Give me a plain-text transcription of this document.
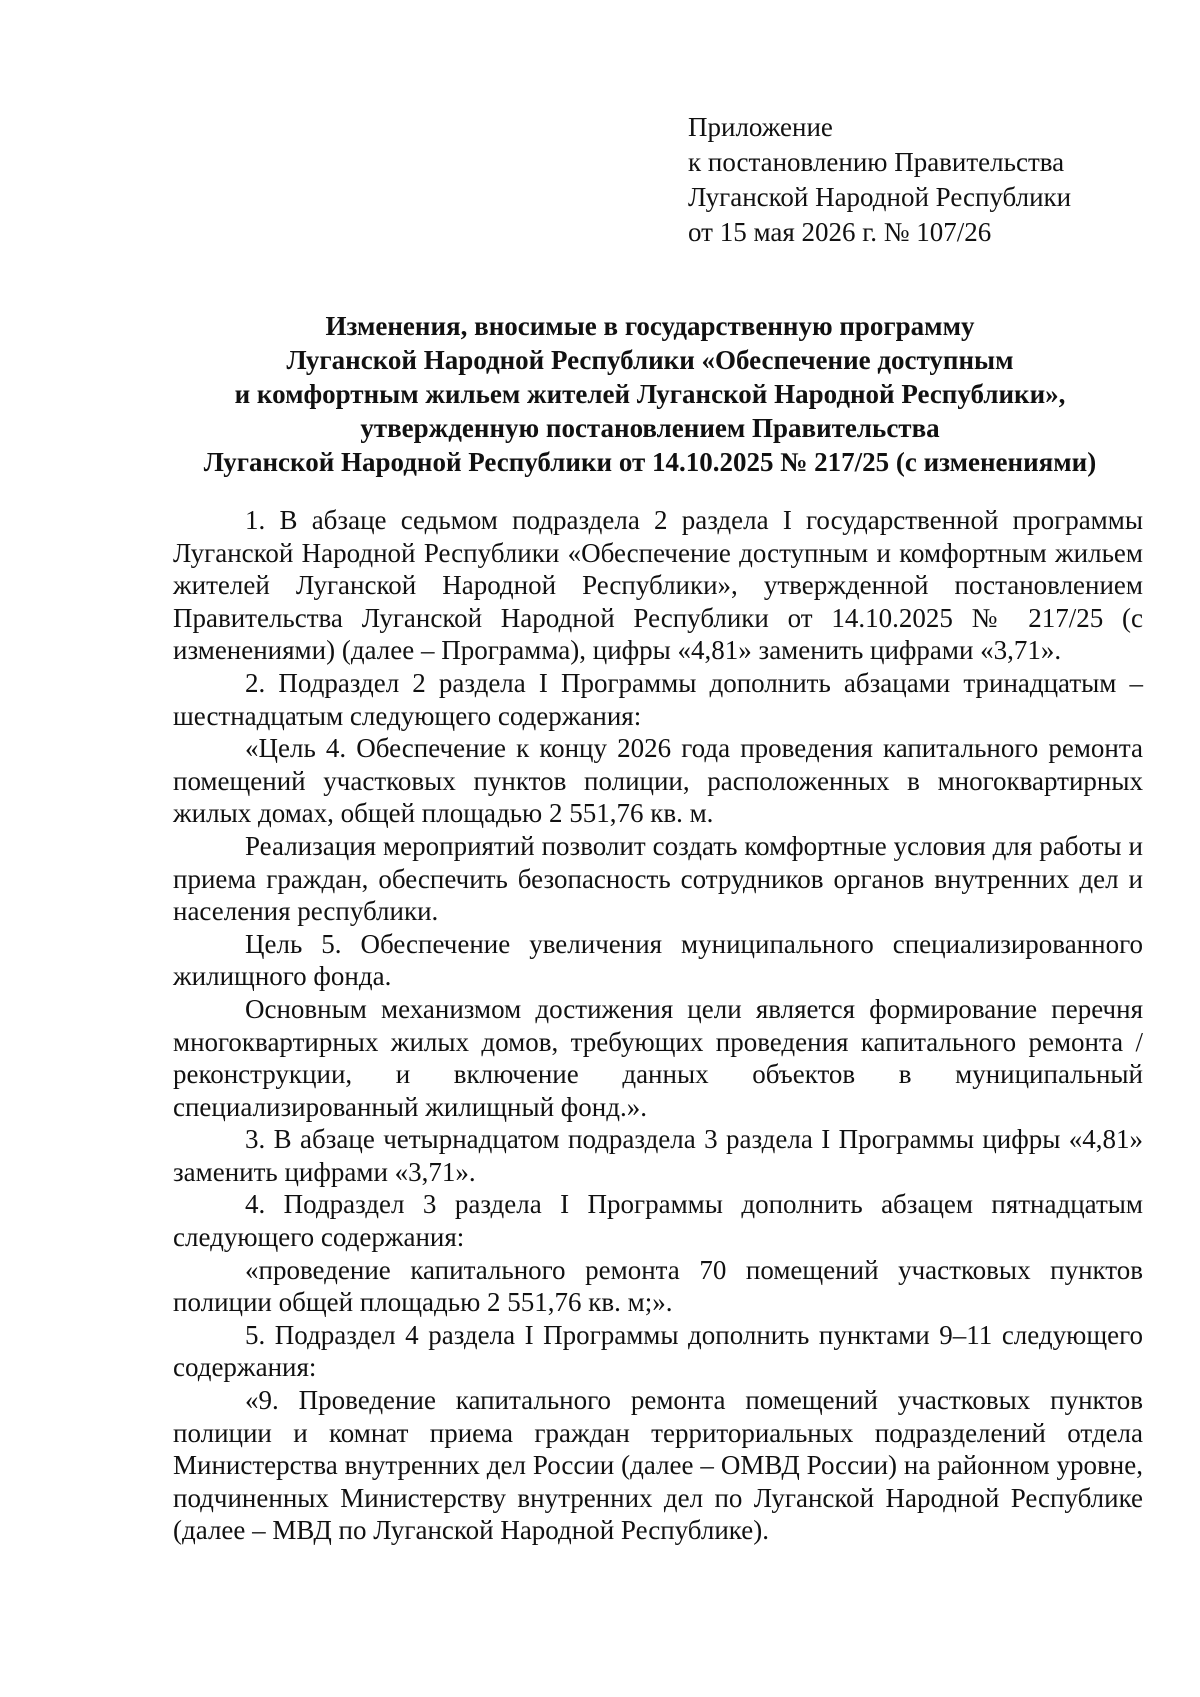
Приложение
к постановлению Правительства
Луганской Народной Республики
от 15 мая 2026 г. № 107/26
Изменения, вносимые в государственную программу
Луганской Народной Республики «Обеспечение доступным
и комфортным жильем жителей Луганской Народной Республики»,
утвержденную постановлением Правительства
Луганской Народной Республики от 14.10.2025 № 217/25 (с изменениями)

1. В абзаце седьмом подраздела 2 раздела I государственной программы Луганской Народной Республики «Обеспечение доступным и комфортным жильем жителей Луганской Народной Республики», утвержденной постановлением Правительства Луганской Народной Республики от 14.10.2025 № 217/25 (с изменениями) (далее – Программа), цифры «4,81» заменить цифрами «3,71».

2. Подраздел 2 раздела I Программы дополнить абзацами тринадцатым – шестнадцатым следующего содержания:

«Цель 4. Обеспечение к концу 2026 года проведения капитального ремонта помещений участковых пунктов полиции, расположенных в многоквартирных жилых домах, общей площадью 2 551,76 кв. м.

Реализация мероприятий позволит создать комфортные условия для работы и приема граждан, обеспечить безопасность сотрудников органов внутренних дел и населения республики.

Цель 5. Обеспечение увеличения муниципального специализированного жилищного фонда.

Основным механизмом достижения цели является формирование перечня многоквартирных жилых домов, требующих проведения капитального ремонта / реконструкции, и включение данных объектов в муниципальный специализированный жилищный фонд.».

3. В абзаце четырнадцатом подраздела 3 раздела I Программы цифры «4,81» заменить цифрами «3,71».

4. Подраздел 3 раздела I Программы дополнить абзацем пятнадцатым следующего содержания:

«проведение капитального ремонта 70 помещений участковых пунктов полиции общей площадью 2 551,76 кв. м;».

5. Подраздел 4 раздела I Программы дополнить пунктами 9–11 следующего содержания:

«9. Проведение капитального ремонта помещений участковых пунктов полиции и комнат приема граждан территориальных подразделений отдела Министерства внутренних дел России (далее – ОМВД России) на районном уровне, подчиненных Министерству внутренних дел по Луганской Народной Республике (далее – МВД по Луганской Народной Республике).
